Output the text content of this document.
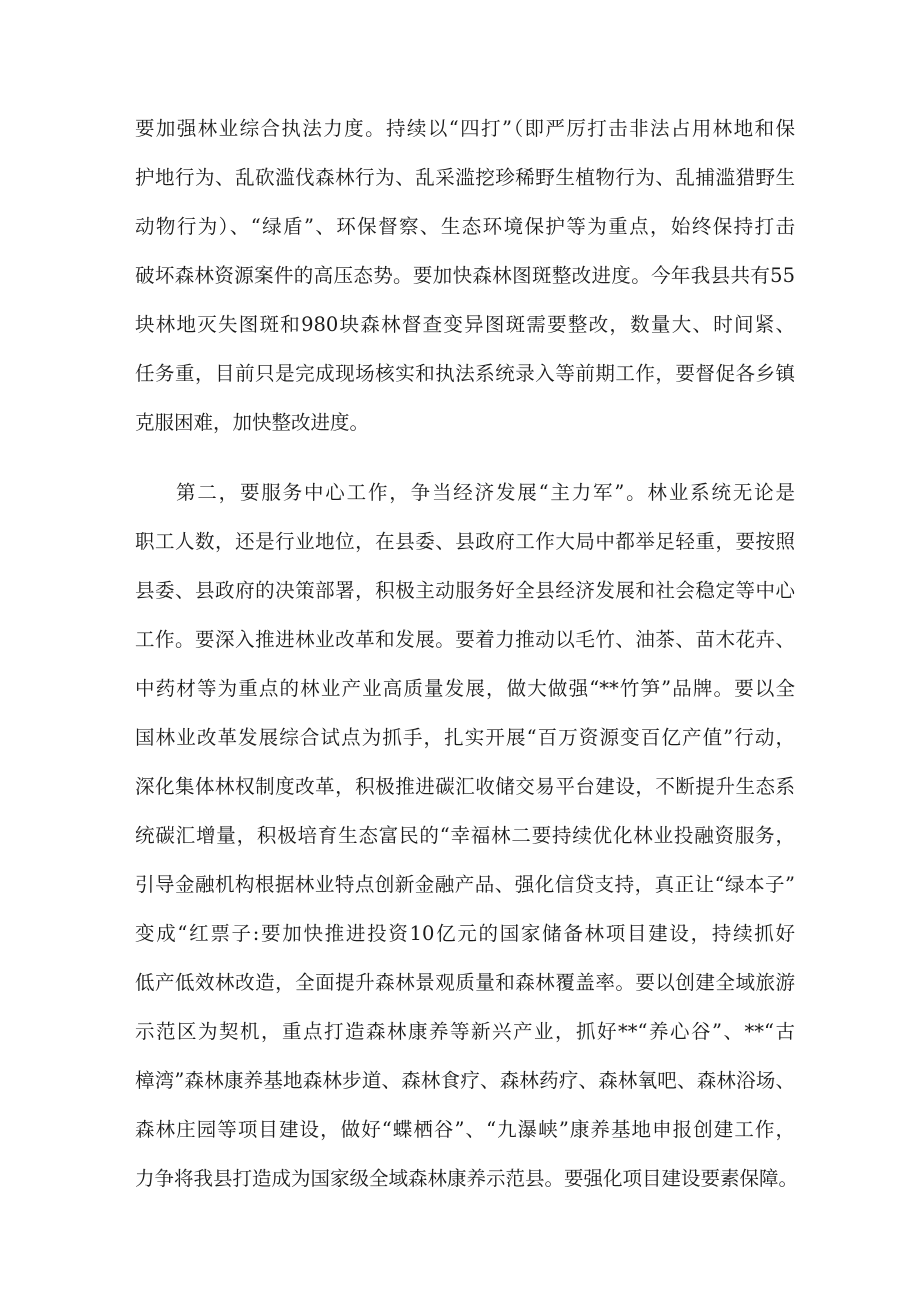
要加强林业综合执法力度。持续以“四打”（即严厉打击非法占用林地和保
护地行为、乱砍滥伐森林行为、乱采滥挖珍稀野生植物行为、乱捕滥猎野生
动物行为）、“绿盾”、环保督察、生态环境保护等为重点，始终保持打击
破坏森林资源案件的高压态势。要加快森林图斑整改进度。今年我县共有55
块林地灭失图斑和980块森林督查变异图斑需要整改，数量大、时间紧、
任务重，目前只是完成现场核实和执法系统录入等前期工作，要督促各乡镇
克服困难，加快整改进度。
第二，要服务中心工作，争当经济发展“主力军”。林业系统无论是
职工人数，还是行业地位，在县委、县政府工作大局中都举足轻重，要按照
县委、县政府的决策部署，积极主动服务好全县经济发展和社会稳定等中心
工作。要深入推进林业改革和发展。要着力推动以毛竹、油茶、苗木花卉、
中药材等为重点的林业产业高质量发展，做大做强“**竹笋”品牌。要以全
国林业改革发展综合试点为抓手，扎实开展“百万资源变百亿产值”行动，
深化集体林权制度改革，积极推进碳汇收储交易平台建设，不断提升生态系
统碳汇增量，积极培育生态富民的“幸福林二要持续优化林业投融资服务，
引导金融机构根据林业特点创新金融产品、强化信贷支持，真正让“绿本子”
变成“红票子:要加快推进投资10亿元的国家储备林项目建设，持续抓好
低产低效林改造，全面提升森林景观质量和森林覆盖率。要以创建全域旅游
示范区为契机，重点打造森林康养等新兴产业，抓好**“养心谷”、**“古
樟湾”森林康养基地森林步道、森林食疗、森林药疗、森林氧吧、森林浴场、
森林庄园等项目建设，做好“蝶栖谷”、“九瀑峡”康养基地申报创建工作，
力争将我县打造成为国家级全域森林康养示范县。要强化项目建设要素保障。
